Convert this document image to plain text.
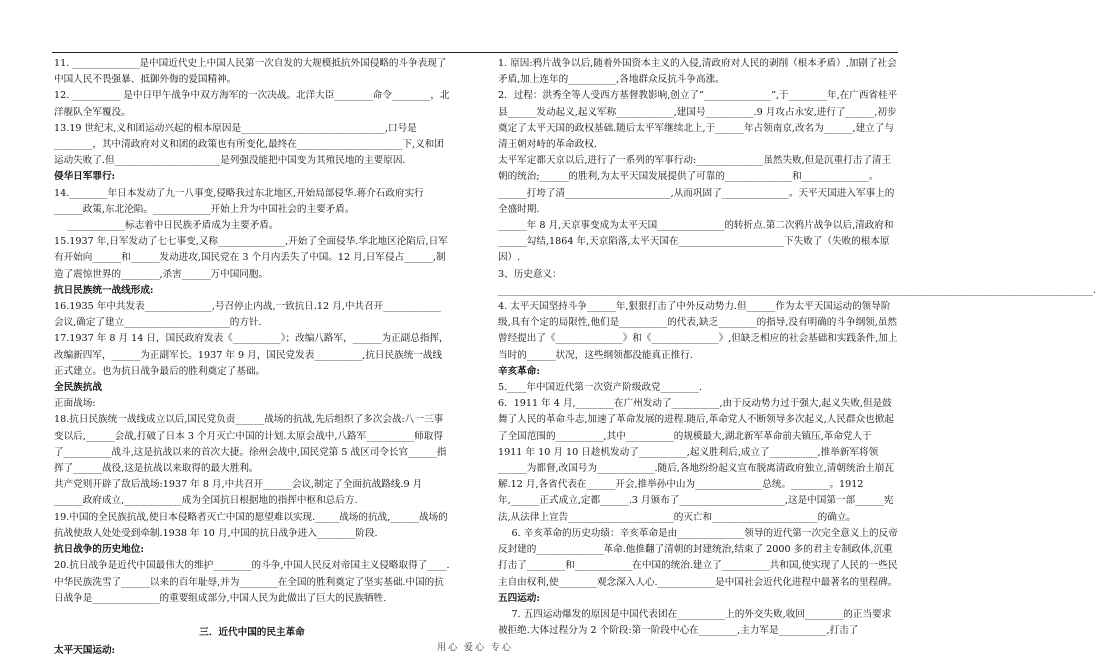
11. ______________是中国近代史上中国人民第一次自发的大规模抵抗外国侵略的斗争表现了中国人民不畏强暴、抵御外侮的爱国精神。

12. __________ 是中日甲午战争中双方海军的一次决战。北洋大臣________命令________，北洋舰队全军覆没。

13.19 世纪末,义和团运动兴起的根本原因是______________________________,口号是________，其中清政府对义和团的政策也有所变化,最终在______________________下,义和团运动失败了.但______________________是列强没能把中国变为其殖民地的主要原因.

侵华日军罪行:

14.________年日本发动了九一八事变,侵略我过东北地区,开始局部侵华.蒋介石政府实行______政策,东北沦陷。____________开始上升为中国社会的主要矛盾。

____________标志着中日民族矛盾成为主要矛盾。

15.1937 年,日军发动了七七事变,又称______________,开始了全面侵华.华北地区沦陷后,日军有开始向______和______发动进攻,国民党在 3 个月内丢失了中国。12 月,日军侵占______,制造了震惊世界的________,杀害______万中国同胞。

抗日民族统一战线形成:

16.1935 年中共发表______________,号召停止内战,一致抗日.12 月,中共召开____________会议,确定了建立______________________的方针.

17.1937 年 8 月 14 日，国民政府发表《__________》；改编八路军，______为正副总指挥，改编新四军，______为正副军长。1937 年 9 月，国民党发表__________,抗日民族统一战线正式建立。也为抗日战争最后的胜利奠定了基础。

全民族抗战

正面战场:

18.抗日民族统一战线成立以后,国民党负责______战场的抗战,先后组织了多次会战:八一三事变以后,______会战,打破了日本 3 个月灭亡中国的计划.太原会战中,八路军__________师取得了__________战斗,这是抗战以来的首次大捷。徐州会战中,国民党第 5 战区司令长官______指挥了______战役,这是抗战以来取得的最大胜利。

共产党则开辟了敌后战场:1937 年 8 月,中共召开______会议,制定了全面抗战路线.9 月______政府成立,____________成为全国抗日根据地的指挥中枢和总后方.

19.中国的全民族抗战,使日本侵略者灭亡中国的愿望难以实现._____战场的抗战,______战场的抗战使敌人处处受到牵制.1938 年 10 月,中国的抗日战争进入________阶段.

抗日战争的历史地位:

20.抗日战争是近代中国最伟大的维护________的斗争,中国人民反对帝国主义侵略取得了____.中华民族洗雪了______以来的百年耻辱,并为________在全国的胜利奠定了坚实基础.中国的抗日战争是______________的重要组成部分,中国人民为此做出了巨大的民族牺牲.

三．近代中国的民主革命

太平天国运动:

1. 原因:鸦片战争以后,随着外国资本主义的入侵,清政府对人民的剥削（根本矛盾）,加剧了社会矛盾,加上连年的__________,各地群众反抗斗争高涨。

2．过程：洪秀全等人受西方基督教影响,创立了”______________”,于________年,在广西省桂平县______发动起义,起义军称____________,建国号__________.9 月攻占永安,进行了______,初步奠定了太平天国的政权基础.随后太平军继续北上,于______年占领南京,改名为______,建立了与清王朝对峙的革命政权.

太平军定都天京以后,进行了一系列的军事行动:______________虽然失败,但是沉重打击了清王朝的统治;______的胜利,为太平天国发展提供了可靠的______________和______________。______打垮了清______________________,从而巩固了______________。天平天国进入军事上的全盛时期.

______年 8 月,天京事变成为太平天国______________的转折点.第二次鸦片战争以后,清政府和______勾结,1864 年,天京陷落,太平天国在______________________下失败了（失败的根本原因）.

3、历史意义：____________________________________________________________________________________________________________________________.

4. 太平天国坚持斗争______年,狠狠打击了中外反动势力.但______作为太平天国运动的领导阶级,具有个定的局限性,他们是__________的代表,缺乏________的指导,没有明确的斗争纲领,虽然曾经提出了《______________》和《______________》,但缺乏相应的社会基础和实践条件,加上当时的______状况，这些纲领都没能真正推行.

辛亥革命:

5.____年中国近代第一次资产阶级政党________.

6．1911 年 4 月,________在广州发动了__________,由于反动势力过于强大,起义失败,但是鼓舞了人民的革命斗志,加速了革命发展的进程.随后,革命党人不断领导多次起义,人民群众也掀起了全国范围的__________,其中__________的规模最大,湖北新军革命前夫镇压,革命党人于 1911 年 10 月 10 日趁机发动了__________,起义胜利后,成立了__________,推举新军将领______为都督,改国号为____________.随后,各地纷纷起义宣布脱离清政府独立,清朝统治土崩瓦解.12 月,各省代表在______开会,推举孙中山为______________总统。________。1912 年,______正式成立,定都______.3 月颁布了______________________,这是中国第一部______宪法,从法律上宣告______________________的灭亡和______________________的确立。

6. 辛亥革命的历史功绩：辛亥革命是由______________领导的近代第一次完全意义上的反帝反封建的______________革命.他推翻了清朝的封建统治,结束了 2000 多的君主专制政体,沉重打击了________和____________在中国的统治.建立了__________共和国,使实现了人民的一些民主自由权利,使________观念深入人心.____________是中国社会近代化进程中最著名的里程碑。

五四运动:

7. 五四运动爆发的原因是中国代表团在__________上的外交失败,收回________的正当要求被拒绝.大体过程分为 2 个阶段:第一阶段中心在________,主力军是__________,打击了

用心 爱心 专心
